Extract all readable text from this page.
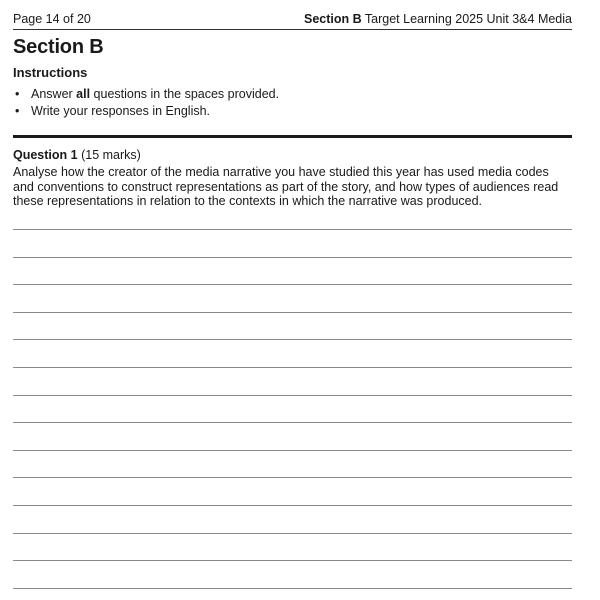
Page 14 of 20	Section B Target Learning 2025 Unit 3&4 Media
Section B
Instructions
• Answer all questions in the spaces provided.
• Write your responses in English.
Question 1 (15 marks)
Analyse how the creator of the media narrative you have studied this year has used media codes and conventions to construct representations as part of the story, and how types of audiences read these representations in relation to the contexts in which the narrative was produced.
